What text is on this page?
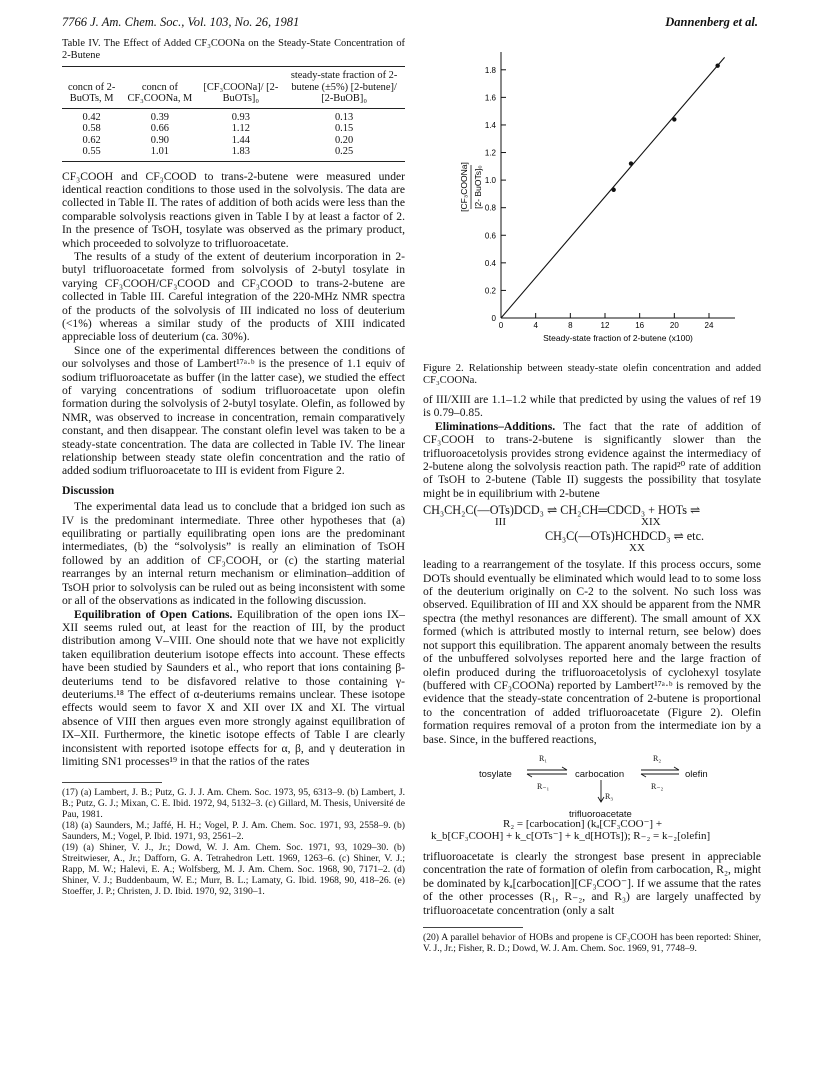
7766 J. Am. Chem. Soc., Vol. 103, No. 26, 1981	Dannenberg et al.

Table IV. The Effect of Added CF₃COONa on the Steady-State Concentration of 2-Butene

concn of 2-BuOTs, M	concn of CF₃COONa, M	[CF₃COONa]/ [2-BuOTs]₀	steady-state fraction of 2-butene (±5%) [2-butene]/ [2-BuOB]₀
0.42	0.39	0.93	0.13
0.58	0.66	1.12	0.15
0.62	0.90	1.44	0.20
0.55	1.01	1.83	0.25

CF₃COOH and CF₃COOD to trans-2-butene were measured under identical reaction conditions to those used in the solvolysis. The data are collected in Table II. The rates of addition of both acids were less than the comparable solvolysis reactions given in Table I by at least a factor of 2. In the presence of TsOH, tosylate was observed as the primary product, which proceeded to solvolyze to trifluoroacetate.

The results of a study of the extent of deuterium incorporation in 2-butyl trifluoroacetate formed from solvolysis of 2-butyl tosylate in varying CF₃COOH/CF₃COOD and CF₃COOD to trans-2-butene are collected in Table III. Careful integration of the 220-MHz NMR spectra of the products of the solvolysis of III indicated no loss of deuterium (<1%) whereas a similar study of the products of XIII indicated appreciable loss of deuterium (ca. 30%).

Since one of the experimental differences between the conditions of our solvolyses and those of Lambert¹⁷ᵃ·ᵇ is the presence of 1.1 equiv of sodium trifluoroacetate as buffer (in the latter case), we studied the effect of varying concentrations of sodium trifluoroacetate upon olefin formation during the solvolysis of 2-butyl tosylate. Olefin, as followed by NMR, was observed to increase in concentration, remain comparatively constant, and then disappear. The constant olefin level was taken to be a steady-state concentration. The data are collected in Table IV. The linear relationship between steady state olefin concentration and the ratio of added sodium trifluoroacetate to III is evident from Figure 2.

Discussion

The experimental data lead us to conclude that a bridged ion such as IV is the predominant intermediate. Three other hypotheses that (a) equilibrating or partially equilibrating open ions are the predominant intermediates, (b) the “solvolysis” is really an elimination of TsOH followed by an addition of CF₃COOH, or (c) the starting material rearranges by an internal return mechanism or elimination–addition of TsOH prior to solvolysis can be ruled out as being inconsistent with some or all of the observations as indicated in the following discussion.

Equilibration of Open Cations. Equilibration of the open ions IX–XII seems ruled out, at least for the reaction of III, by the product distribution among V–VIII. One should note that we have not explicitly taken equilibration deuterium isotope effects into account. These effects have been studied by Saunders et al., who report that ions containing β-deuteriums tend to be disfavored relative to those containing γ-deuteriums.¹⁸ The effect of α-deuteriums remains unclear. These isotope effects would seem to favor X and XII over IX and XI. The virtual absence of VIII then argues even more strongly against equilibration of IX–XII. Furthermore, the kinetic isotope effects of Table I are clearly inconsistent with reported isotope effects for α, β, and γ deuteration in limiting SN1 processes¹⁹ in that the ratios of the rates

(17) (a) Lambert, J. B.; Putz, G. J. J. Am. Chem. Soc. 1973, 95, 6313–9. (b) Lambert, J. B.; Putz, G. J.; Mixan, C. E. Ibid. 1972, 94, 5132–3. (c) Gillard, M. Thesis, Université de Pau, 1981.

(18) (a) Saunders, M.; Jaffé, H. H.; Vogel, P. J. Am. Chem. Soc. 1971, 93, 2558–9. (b) Saunders, M.; Vogel, P. Ibid. 1971, 93, 2561–2.

(19) (a) Shiner, V. J., Jr.; Dowd, W. J. Am. Chem. Soc. 1971, 93, 1029–30. (b) Streitwieser, A., Jr.; Dafforn, G. A. Tetrahedron Lett. 1969, 1263–6. (c) Shiner, V. J.; Rapp, M. W.; Halevi, E. A.; Wolfsberg, M. J. Am. Chem. Soc. 1968, 90, 7171–2. (d) Shiner, V. J.; Buddenbaum, W. E.; Murr, B. L.; Lamaty, G. Ibid. 1968, 90, 418–26. (e) Stoeffer, J. P.; Christen, J. D. Ibid. 1970, 92, 3190–1.

0
0.2
0.4
0.6
0.8
1.0
1.2
1.4
1.6
1.8
0	4	8	12	16	20	24
Steady-state fraction of 2-butene (x100)
[CF₃COONa] [2- BuOTs]₀

Figure 2. Relationship between steady-state olefin concentration and added CF₃COONa.

of III/XIII are 1.1–1.2 while that predicted by using the values of ref 19 is 0.79–0.85.

Eliminations–Additions. The fact that the rate of addition of CF₃COOH to trans-2-butene is significantly slower than the trifluoroacetolysis provides strong evidence against the intermediacy of 2-butene along the solvolysis reaction path. The rapid²⁰ rate of addition of TsOH to 2-butene (Table II) suggests the possibility that tosylate might be in equilibrium with 2-butene

CH₃CH₂C(—OTs)DCD₃ ⇌ CH₂CH═CDCD₃ + HOTs ⇌
III	XIX
CH₃C(—OTs)HCHDCD₃ ⇌ etc.
XX

leading to a rearrangement of the tosylate. If this process occurs, some DOTs should eventually be eliminated which would lead to to some loss of the deuterium originally on C-2 to the solvent. No such loss was observed. Equilibration of III and XX should be apparent from the NMR spectra (the methyl resonances are different). The small amount of XX formed (which is attributed mostly to internal return, see below) does not support this equilibration. The apparent anomaly between the results of the unbuffered solvolyses reported here and the large fraction of olefin produced during the trifluoroacetolysis of cyclohexyl tosylate (buffered with CF₃COONa) reported by Lambert¹⁷ᵃ·ᵇ is removed by the evidence that the steady-state concentration of 2-butene is proportional to the concentration of added trifluoroacetate (Figure 2). Olefin formation requires removal of a proton from the intermediate ion by a base. Since, in the buffered reactions,

tosylate	carbocation	olefin
R₁
R₋₁
R₂
R₋₂
R₃
trifluoroacetate
R₂ = [carbocation] (kₐ[CF₃COO⁻] +
k_b[CF₃COOH] + k_c[OTs⁻] + k_d[HOTs]); R₋₂ = k₋₂[olefin]

trifluoroacetate is clearly the strongest base present in appreciable concentration the rate of formation of olefin from carbocation, R₂, might be dominated by kₐ[carbocation][CF₃COO⁻]. If we assume that the rates of the other processes (R₁, R₋₂, and R₃) are largely unaffected by trifluoroacetate concentration (only a salt

(20) A parallel behavior of HOBs and propene is CF₃COOH has been reported: Shiner, V. J., Jr.; Fisher, R. D.; Dowd, W. J. Am. Chem. Soc. 1969, 91, 7748–9.
